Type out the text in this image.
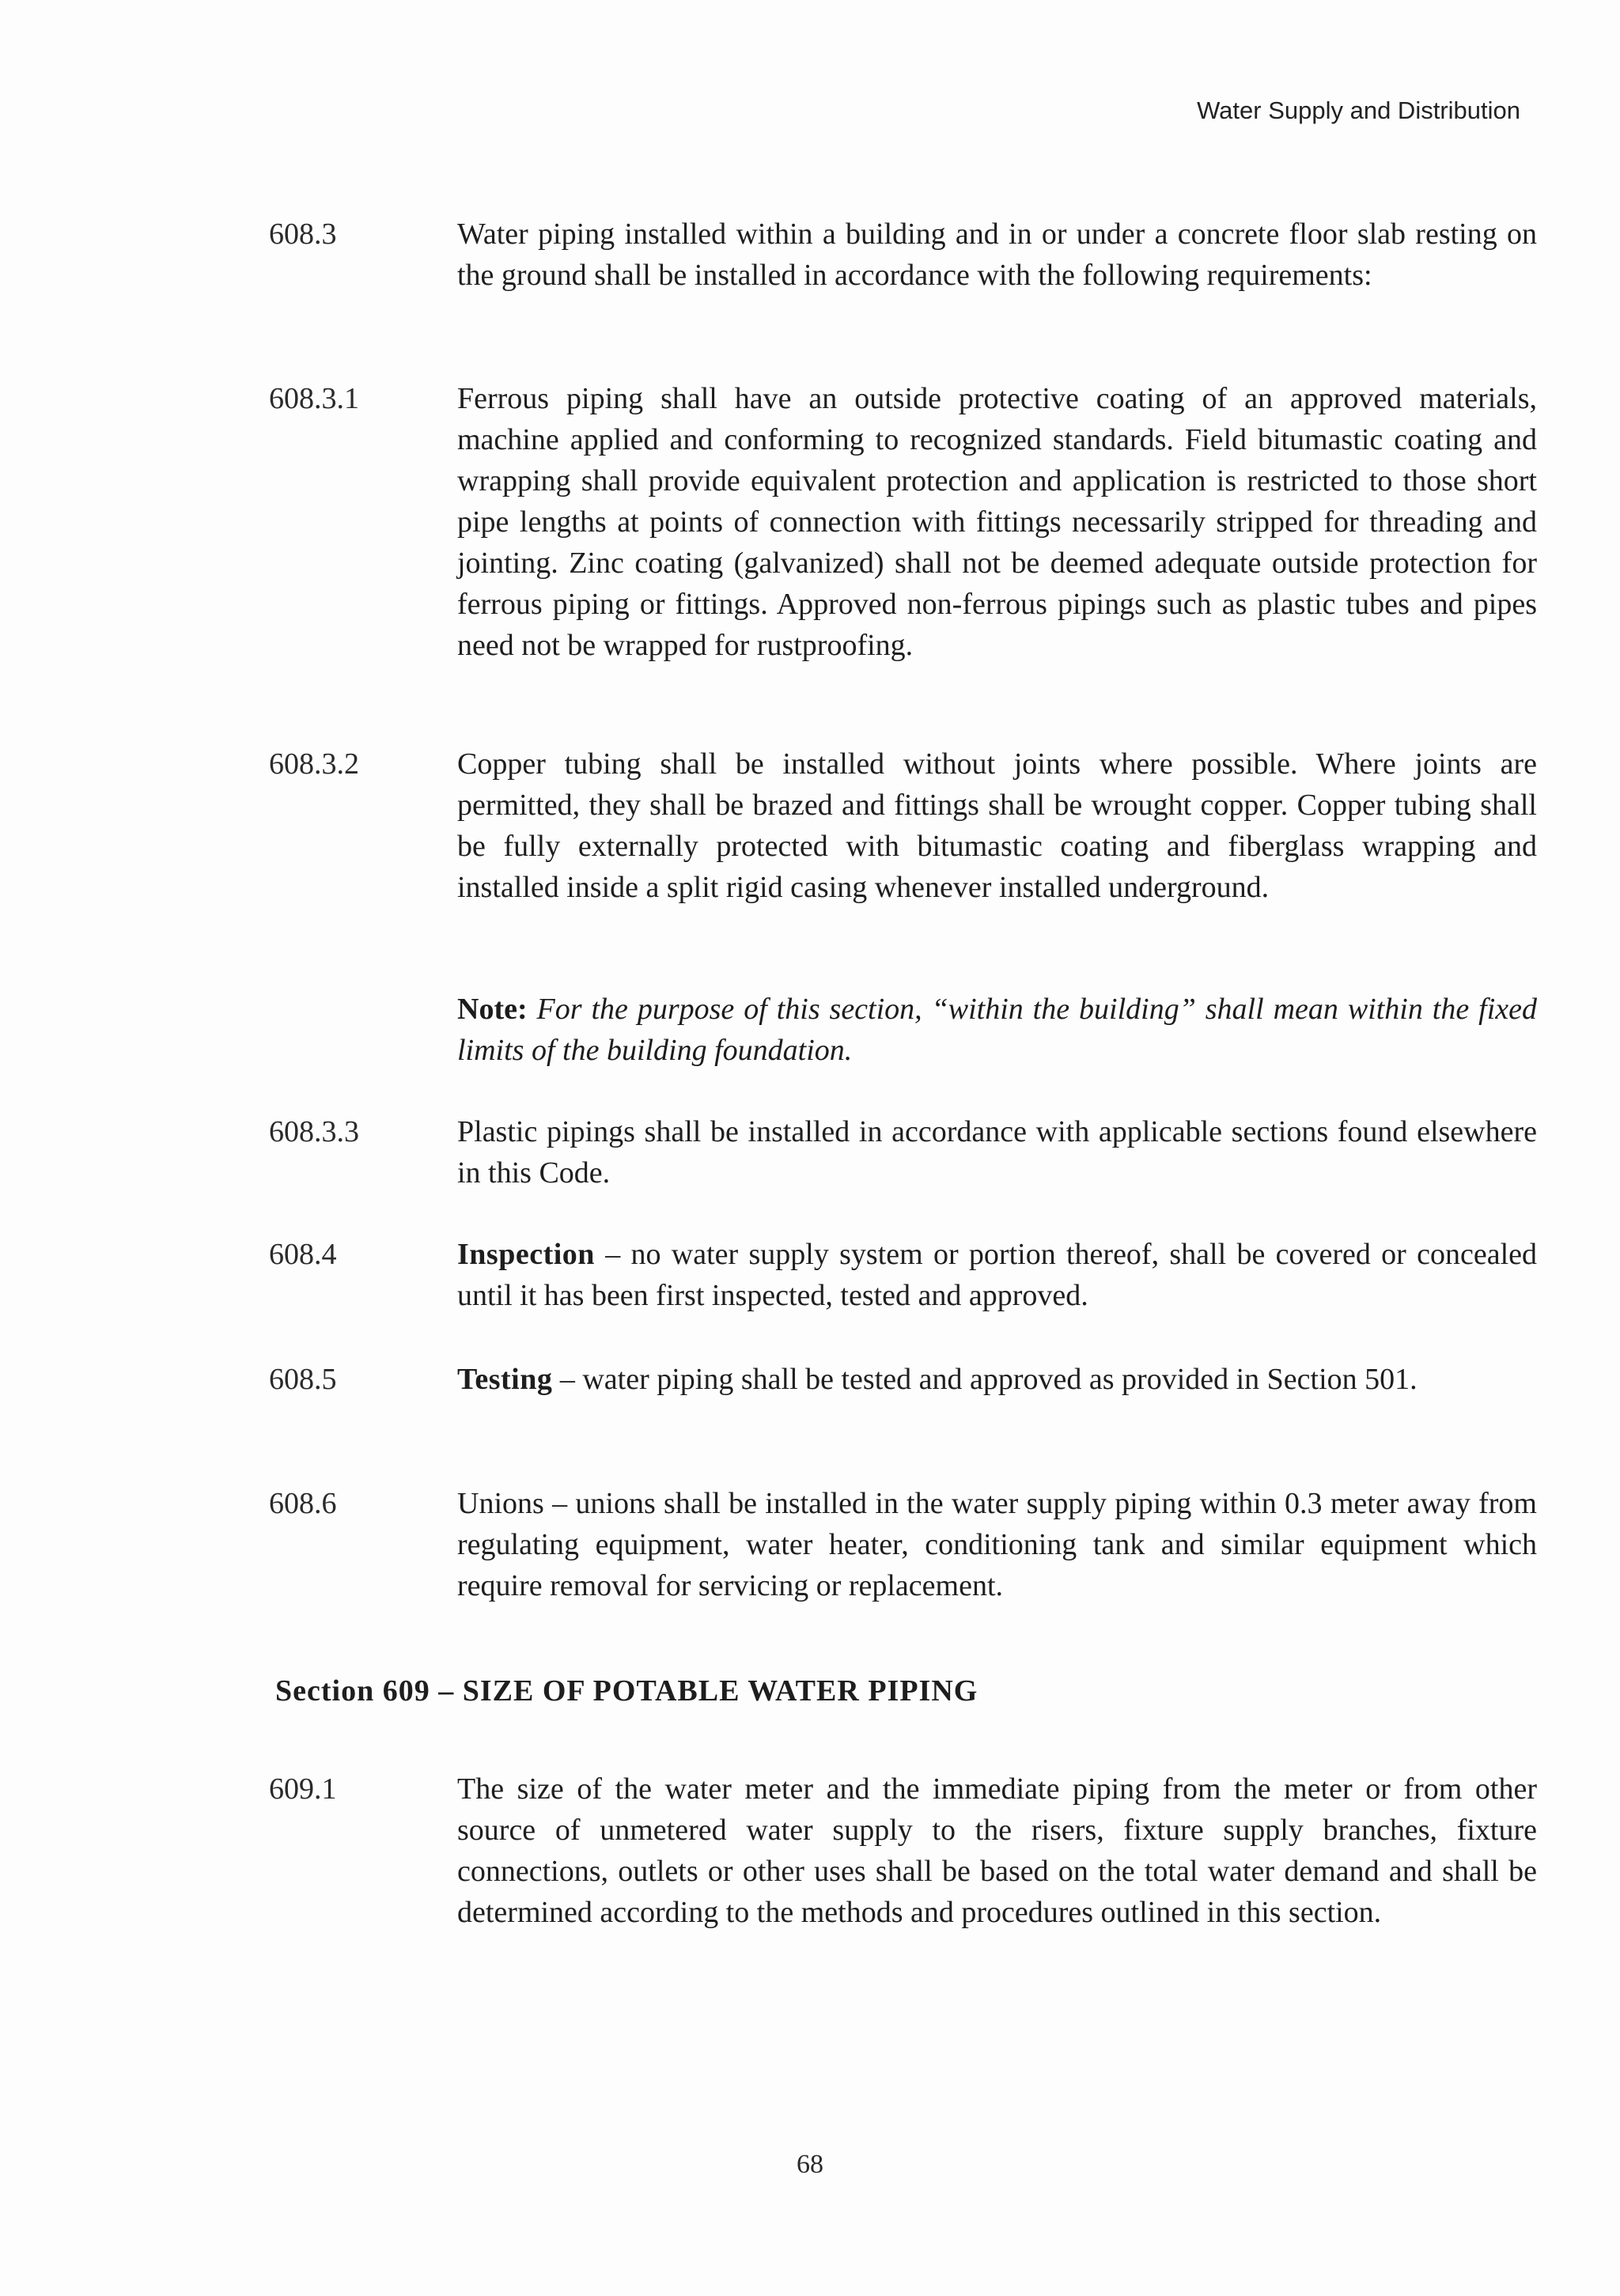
Water Supply and Distribution
608.3	Water piping installed within a building and in or under a concrete floor slab resting on the ground shall be installed in accordance with the following requirements:
608.3.1	Ferrous piping shall have an outside protective coating of an approved materials, machine applied and conforming to recognized standards. Field bitumastic coating and wrapping shall provide equivalent protection and application is restricted to those short pipe lengths at points of connection with fittings necessarily stripped for threading and jointing. Zinc coating (galvanized) shall not be deemed adequate outside protection for ferrous piping or fittings. Approved non-ferrous pipings such as plastic tubes and pipes need not be wrapped for rustproofing.
608.3.2	Copper tubing shall be installed without joints where possible. Where joints are permitted, they shall be brazed and fittings shall be wrought copper. Copper tubing shall be fully externally protected with bitumastic coating and fiberglass wrapping and installed inside a split rigid casing whenever installed underground.
Note: For the purpose of this section, “within the building” shall mean within the fixed limits of the building foundation.
608.3.3	Plastic pipings shall be installed in accordance with applicable sections found elsewhere in this Code.
608.4	Inspection – no water supply system or portion thereof, shall be covered or concealed until it has been first inspected, tested and approved.
608.5	Testing – water piping shall be tested and approved as provided in Section 501.
608.6	Unions – unions shall be installed in the water supply piping within 0.3 meter away from regulating equipment, water heater, conditioning tank and similar equipment which require removal for servicing or replacement.
Section 609 – SIZE OF POTABLE WATER PIPING
609.1	The size of the water meter and the immediate piping from the meter or from other source of unmetered water supply to the risers, fixture supply branches, fixture connections, outlets or other uses shall be based on the total water demand and shall be determined according to the methods and procedures outlined in this section.
68
